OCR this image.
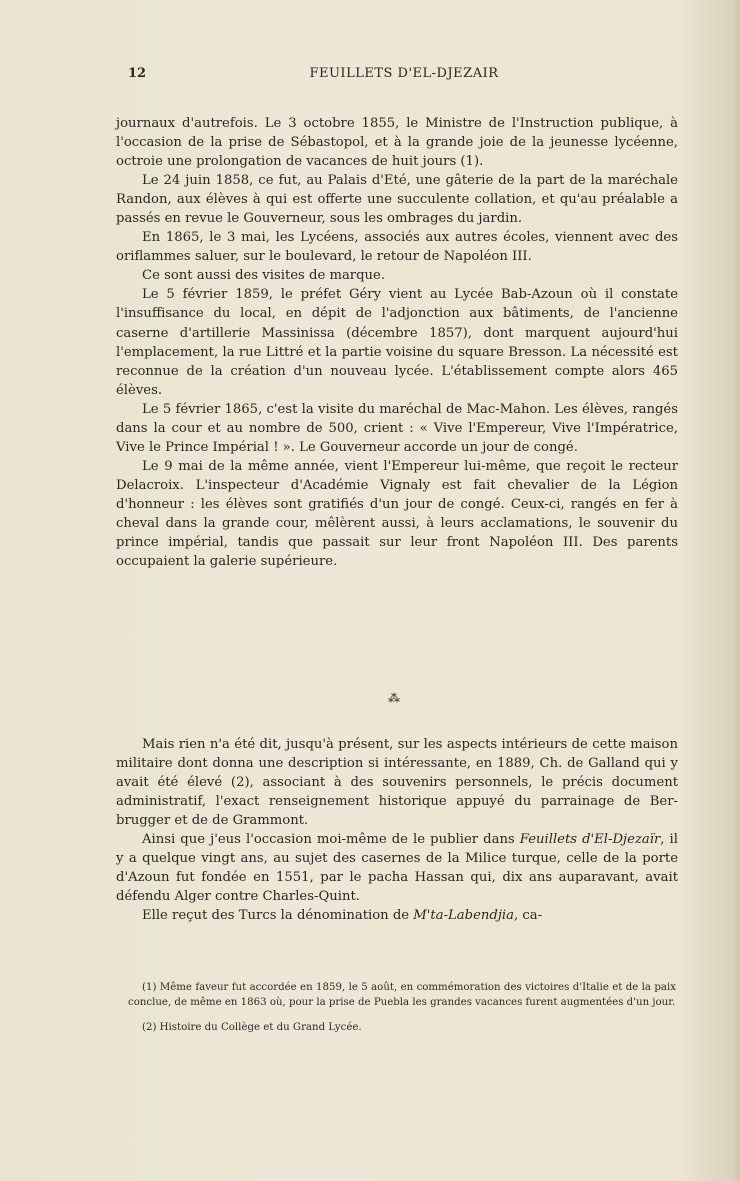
12	FEUILLETS D'EL-DJEZAIR

journaux d'autrefois. Le 3 octobre 1855, le Ministre de l'Instruction publique, à l'occasion de la prise de Sébastopol, et à la grande joie de la jeunesse lycéenne, octroie une prolongation de vacances de huit jours (1).

Le 24 juin 1858, ce fut, au Palais d'Eté, une gâterie de la part de la maréchale Randon, aux élèves à qui est offerte une succulente collation, et qu'au préalable a passés en revue le Gouverneur, sous les ombrages du jardin.

En 1865, le 3 mai, les Lycéens, associés aux autres écoles, viennent avec des oriflammes saluer, sur le boulevard, le retour de Napoléon III.

Ce sont aussi des visites de marque.

Le 5 février 1859, le préfet Géry vient au Lycée Bab-Azoun où il constate l'insuffisance du local, en dépit de l'adjonction aux bâtiments, de l'ancienne caserne d'artillerie Massinissa (décembre 1857), dont marquent aujourd'hui l'emplacement, la rue Littré et la partie voisine du square Bresson. La nécessité est reconnue de la création d'un nouveau lycée. L'établissement compte alors 465 élèves.

Le 5 février 1865, c'est la visite du maréchal de Mac-Mahon. Les élèves, rangés dans la cour et au nombre de 500, crient : « Vive l'Empereur, Vive l'Impératrice, Vive le Prince Impérial ! ». Le Gouverneur accorde un jour de congé.

Le 9 mai de la même année, vient l'Empereur lui-même, que reçoit le recteur Delacroix. L'inspecteur d'Académie Vignaly est fait chevalier de la Légion d'honneur : les élèves sont gratifiés d'un jour de congé. Ceux-ci, rangés en fer à cheval dans la grande cour, mêlèrent aussi, à leurs acclamations, le souvenir du prince impérial, tandis que passait sur leur front Napoléon III. Des parents occupaient la galerie supérieure.

⁂

Mais rien n'a été dit, jusqu'à présent, sur les aspects intérieurs de cette maison militaire dont donna une description si intéressante, en 1889, Ch. de Galland qui y avait été élevé (2), associant à des souvenirs personnels, le précis document administratif, l'exact renseignement historique appuyé du parrainage de Berbrugger et de de Grammont.

Ainsi que j'eus l'occasion moi-même de le publier dans Feuillets d'El-Djezaïr, il y a quelque vingt ans, au sujet des casernes de la Milice turque, celle de la porte d'Azoun fut fondée en 1551, par le pacha Hassan qui, dix ans auparavant, avait défendu Alger contre Charles-Quint.

Elle reçut des Turcs la dénomination de M'ta-Labendjia, ca-

(1) Même faveur fut accordée en 1859, le 5 août, en commémoration des victoires d'Italie et de la paix conclue, de même en 1863 où, pour la prise de Puebla les grandes vacances furent augmentées d'un jour.

(2) Histoire du Collège et du Grand Lycée.
